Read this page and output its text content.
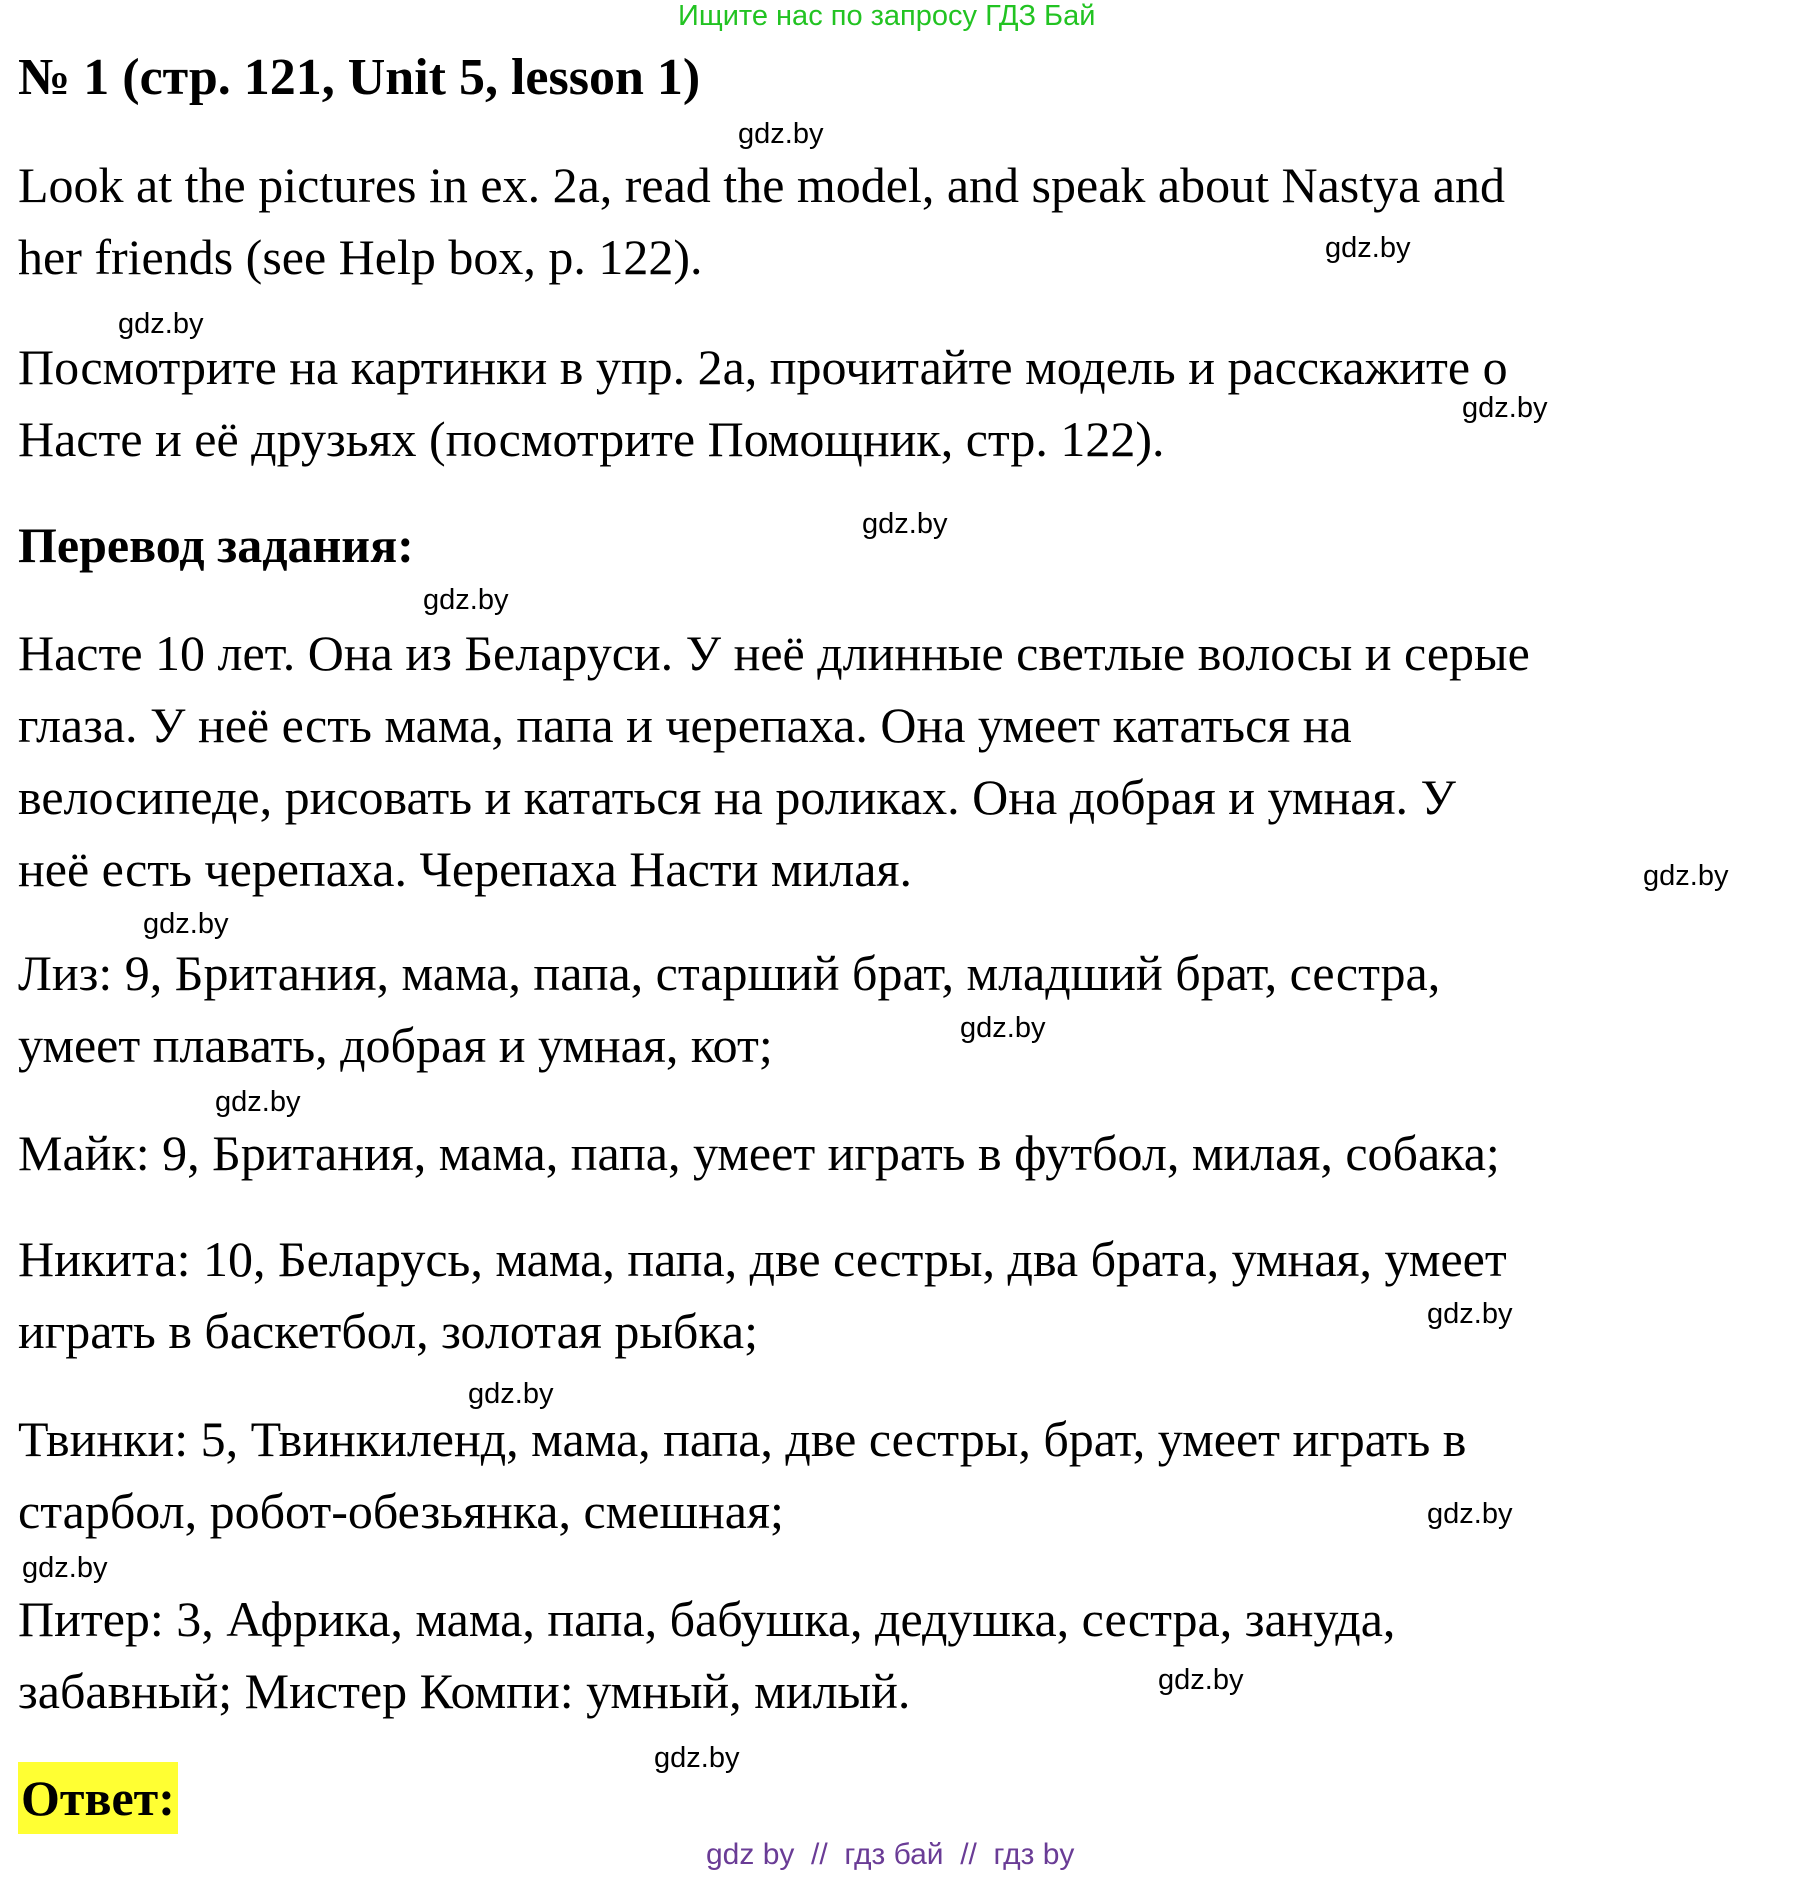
Ищите нас по запросу ГДЗ Бай
№ 1 (стр. 121, Unit 5, lesson 1)
gdz.by
Look at the pictures in ex. 2a, read the model, and speak about Nastya and
her friends (see Help box, p. 122).	gdz.by
gdz.by
Посмотрите на картинки в упр. 2a, прочитайте модель и расскажите о
gdz.by
Насте и её друзьях (посмотрите Помощник, стр. 122).
gdz.by
Перевод задания:
gdz.by
Насте 10 лет. Она из Беларуси. У неё длинные светлые волосы и серые
глаза. У неё есть мама, папа и черепаха. Она умеет кататься на
велосипеде, рисовать и кататься на роликах. Она добрая и умная. У
неё есть черепаха. Черепаха Насти милая.	gdz.by
gdz.by
Лиз: 9, Британия, мама, папа, старший брат, младший брат, сестра,
gdz.by
умеет плавать, добрая и умная, кот;
gdz.by
Майк: 9, Британия, мама, папа, умеет играть в футбол, милая, собака;
Никита: 10, Беларусь, мама, папа, две сестры, два брата, умная, умеет
gdz.by
играть в баскетбол, золотая рыбка;
gdz.by
Твинки: 5, Твинкиленд, мама, папа, две сестры, брат, умеет играть в
старбол, робот-обезьянка, смешная;	gdz.by
gdz.by
Питер: 3, Африка, мама, папа, бабушка, дедушка, сестра, зануда,
gdz.by
забавный; Мистер Компи: умный, милый.
gdz.by
Ответ:
gdz by  //  гдз бай  //  гдз by
